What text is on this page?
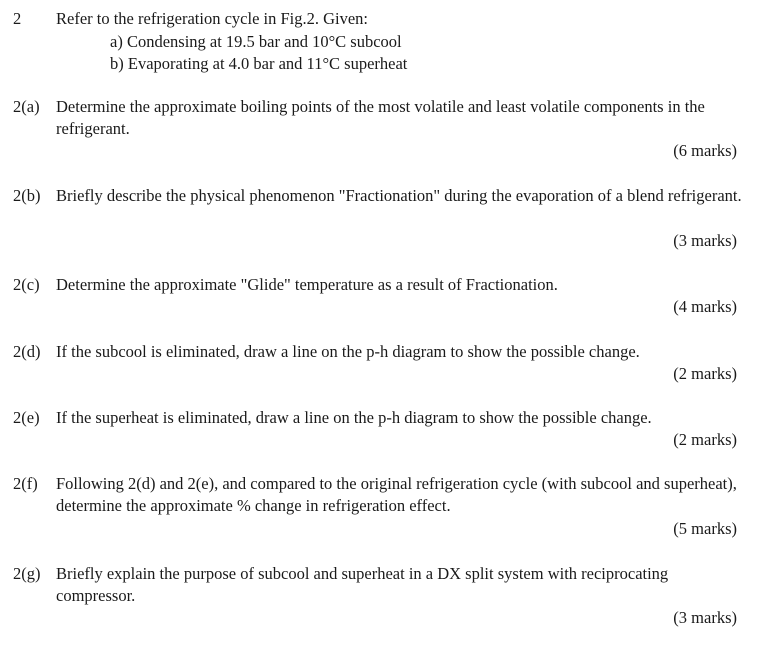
2 Refer to the refrigeration cycle in Fig.2. Given:
a) Condensing at 19.5 bar and 10°C subcool
b) Evaporating at 4.0 bar and 11°C superheat
2(a) Determine the approximate boiling points of the most volatile and least volatile components in the refrigerant.
(6 marks)
2(b) Briefly describe the physical phenomenon "Fractionation" during the evaporation of a blend refrigerant.
(3 marks)
2(c) Determine the approximate "Glide" temperature as a result of Fractionation.
(4 marks)
2(d) If the subcool is eliminated, draw a line on the p-h diagram to show the possible change.
(2 marks)
2(e) If the superheat is eliminated, draw a line on the p-h diagram to show the possible change.
(2 marks)
2(f) Following 2(d) and 2(e), and compared to the original refrigeration cycle (with subcool and superheat), determine the approximate % change in refrigeration effect.
(5 marks)
2(g) Briefly explain the purpose of subcool and superheat in a DX split system with reciprocating compressor.
(3 marks)
